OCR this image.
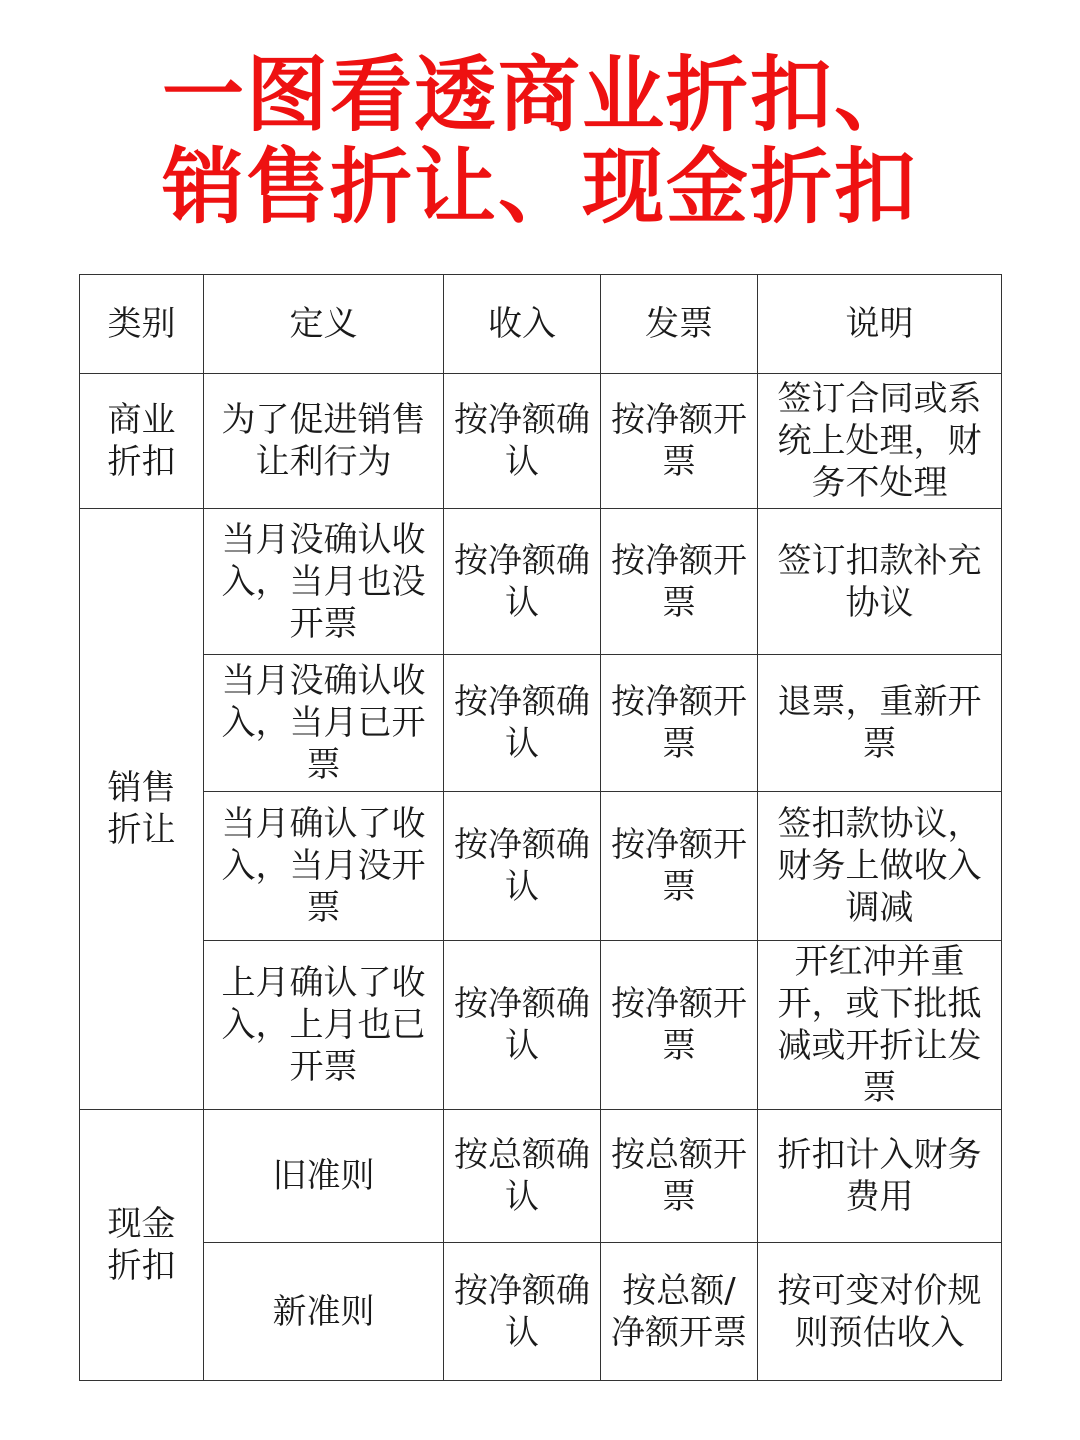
一图看透商业折扣、
销售折让、现金折扣
类别	定义	收入	发票	说明
商业折扣	为了促进销售让利行为	按净额确认	按净额开票	签订合同或系统上处理，财务不处理
销售折让	当月没确认收入，当月也没开票	按净额确认	按净额开票	签订扣款补充协议
	当月没确认收入，当月已开票	按净额确认	按净额开票	退票，重新开票
	当月确认了收入，当月没开票	按净额确认	按净额开票	签扣款协议，财务上做收入调减
	上月确认了收入，上月也已开票	按净额确认	按净额开票	开红冲并重开，或下批抵减或开折让发票
现金折扣	旧准则	按总额确认	按总额开票	折扣计入财务费用
	新准则	按净额确认	按总额/净额开票	按可变对价规则预估收入
